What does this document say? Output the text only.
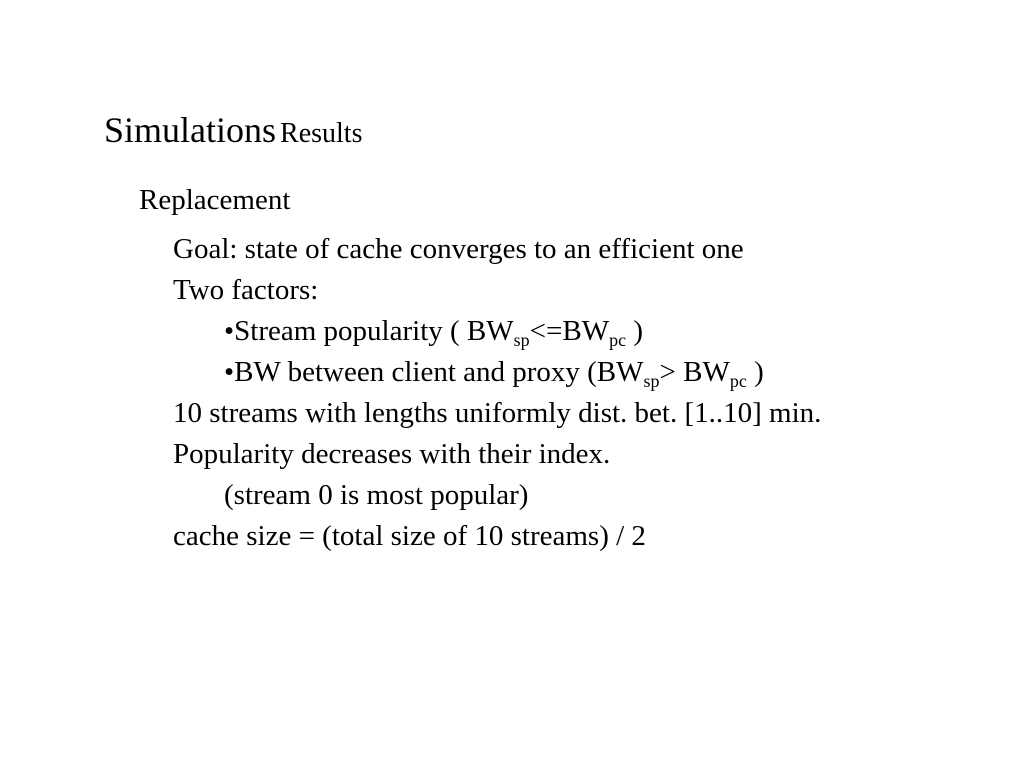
Simulations Results
Replacement
Goal: state of cache converges to an efficient one
Two factors:
•Stream popularity ( $BW_{sp}<=BW_{pc}$ )
•BW between client and proxy ($BW_{sp}> BW_{pc}$ )
10 streams with lengths uniformly dist. bet. [1..10] min.
Popularity decreases with their index.
(stream 0 is most popular)
cache size = (total size of 10 streams) / 2
